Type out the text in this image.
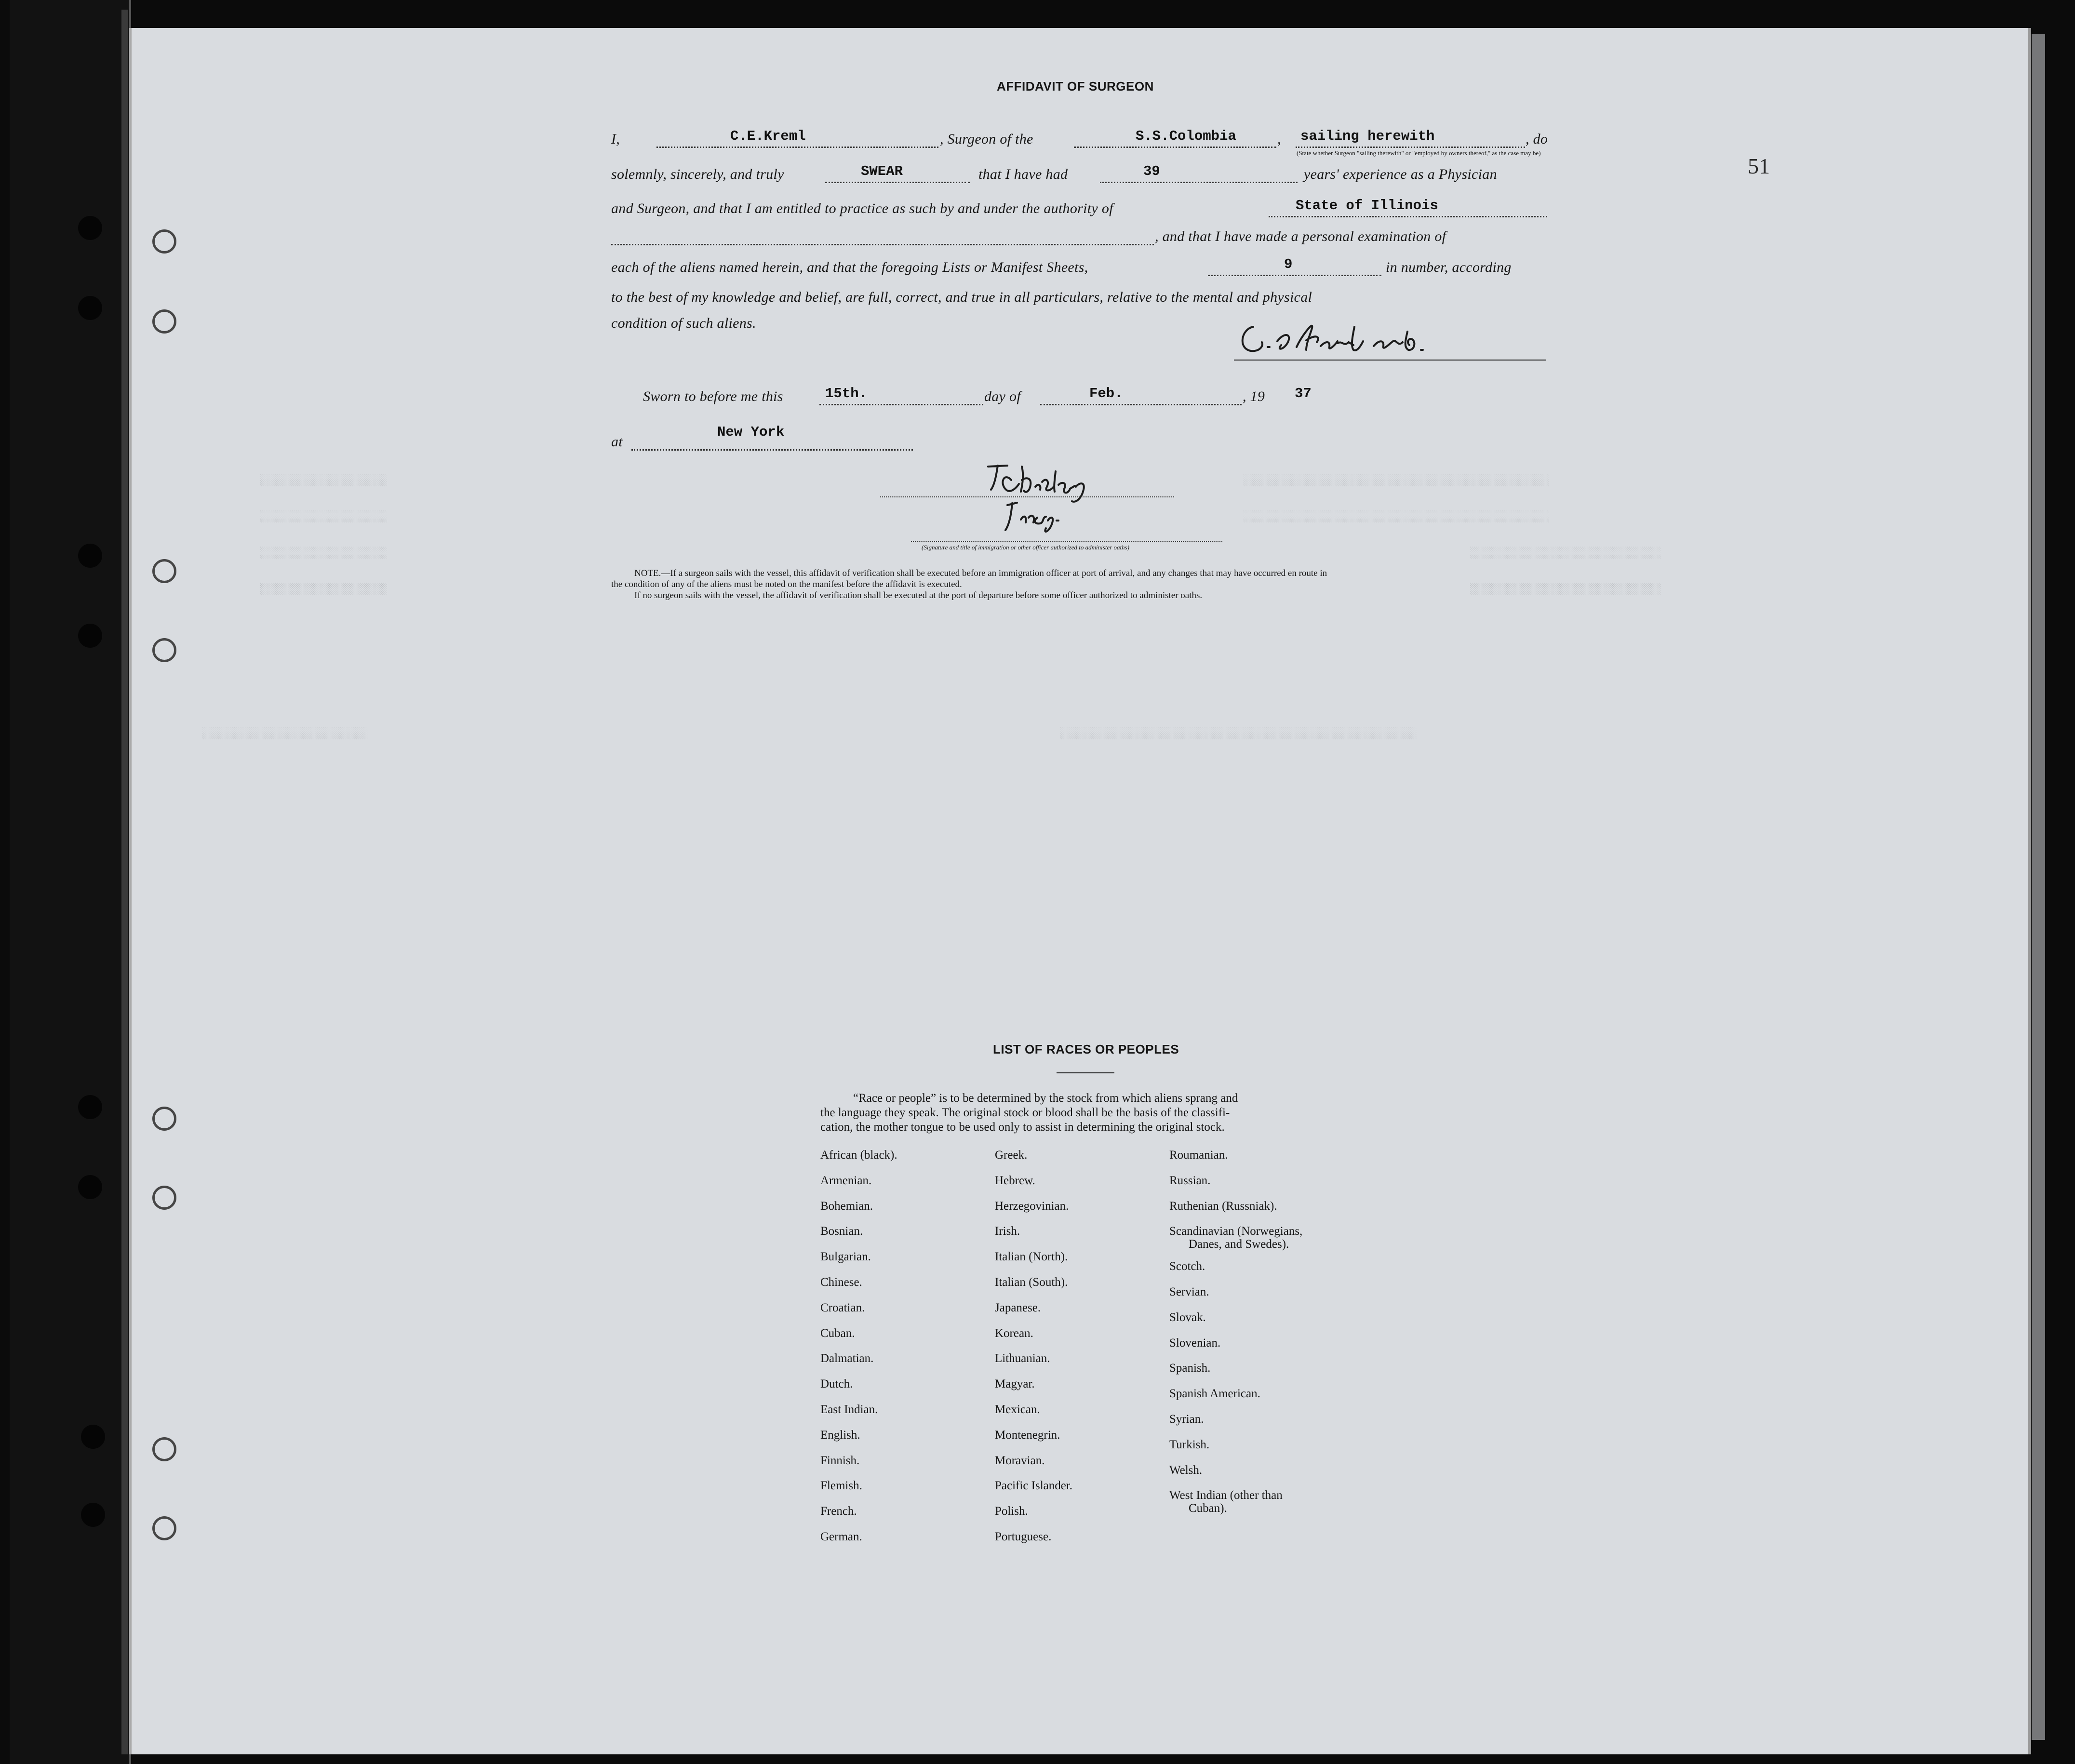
░░░░░░░░░░░░░░░░░░░░	░░░░░░░░░░░░░░░░░░░░░░░░░░░░░░░░░░░░░░░░░░░░░░░░
░░░░░░░░░░░░░░░░░░░░	░░░░░░░░░░░░░░░░░░░░░░░░░░░░░░░░░░░░░░░░░░░░░░░░
░░░░░░░░░░░░░░░░░░░░	░░░░░░░░░░░░░░░░░░░░░░░░░░░░░░
░░░░░░░░░░░░░░░░░░░░	░░░░░░░░░░░░░░░░░░░░░░░░░░░░░░
░░░░░░░░░░░░░░░░░░░░░░░░░░	░░░░░░░░░░░░░░░░░░░░░░░░░░░░░░░░░░░░░░░░░░░░░░░░░░░░░░░░
51
AFFIDAVIT OF SURGEON
I,	C.E.Kreml	, Surgeon of the	S.S.Colombia	, sailing herewith	, do
(State whether Surgeon "sailing therewith" or "employed by owners thereof," as the case may be)
solemnly, sincerely, and truly	SWEAR	that I have had	39	years' experience as a Physician
and Surgeon, and that I am entitled to practice as such by and under the authority of	State of Illinois
, and that I have made a personal examination of
each of the aliens named herein, and that the foregoing Lists or Manifest Sheets,	9	in number, according
to the best of my knowledge and belief, are full, correct, and true in all particulars, relative to the mental and physical
condition of such aliens.
Sworn to before me this	15th.	day of	Feb.	, 19 37
at
New York
(Signature and title of immigration or other officer authorized to administer oaths)
NOTE.—If a surgeon sails with the vessel, this affidavit of verification shall be executed before an immigration officer at port of arrival, and any changes that may have occurred en route in
the condition of any of the aliens must be noted on the manifest before the affidavit is executed.
If no surgeon sails with the vessel, the affidavit of verification shall be executed at the port of departure before some officer authorized to administer oaths.
LIST OF RACES OR PEOPLES
“Race or people” is to be determined by the stock from which aliens sprang and
the language they speak. The original stock or blood shall be the basis of the classifi-
cation, the mother tongue to be used only to assist in determining the original stock.
African (black).
Armenian.
Bohemian.
Bosnian.
Bulgarian.
Chinese.
Croatian.
Cuban.
Dalmatian.
Dutch.
East Indian.
English.
Finnish.
Flemish.
French.
German.
Greek.
Hebrew.
Herzegovinian.
Irish.
Italian (North).
Italian (South).
Japanese.
Korean.
Lithuanian.
Magyar.
Mexican.
Montenegrin.
Moravian.
Pacific Islander.
Polish.
Portuguese.
Roumanian.
Russian.
Ruthenian (Russniak).
Scandinavian (Norwegians,
Danes, and Swedes).
Scotch.
Servian.
Slovak.
Slovenian.
Spanish.
Spanish American.
Syrian.
Turkish.
Welsh.
West Indian (other than
Cuban).
